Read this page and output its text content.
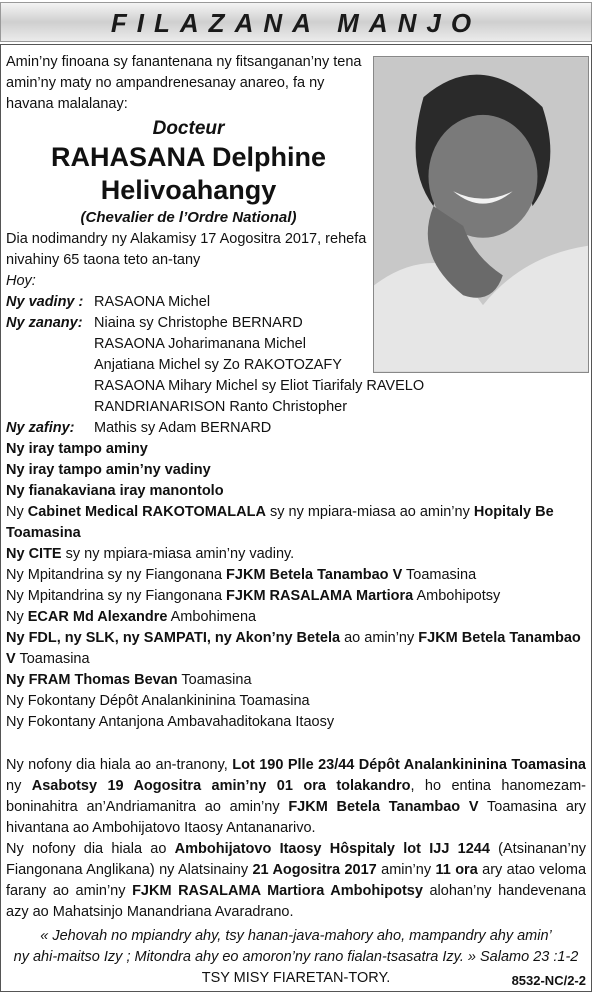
FILAZANA MANJO
Amin’ny finoana sy fanantenana ny fitsanganan’ny tena amin’ny maty no ampandrenesanay anareo, fa ny havana malalanay:
Docteur
RAHASANA Delphine
Helivoahangy
(Chevalier de l’Ordre National)
Dia nodimandry ny Alakamisy 17 Aogositra 2017, rehefa nivahiny 65 taona teto an-tany
Hoy:
Ny vadiny : RASAONA Michel
Ny zanany: Niaina sy Christophe BERNARD
RASAONA Joharimanana Michel
Anjatiana Michel sy Zo RAKOTOZAFY
RASAONA Mihary Michel sy Eliot Tiarifaly RAVELO
RANDRIANARISON Ranto Christopher
Ny zafiny:	Mathis sy Adam BERNARD

Ny iray tampo aminy

Ny iray tampo amin’ny vadiny

Ny fianakaviana iray manontolo

Ny Cabinet Medical RAKOTOMALALA sy ny mpiara-miasa ao amin’ny Hopitaly Be Toamasina

Ny CITE sy ny mpiara-miasa amin’ny vadiny.

Ny Mpitandrina sy ny Fiangonana FJKM Betela Tanambao V Toamasina

Ny Mpitandrina sy ny Fiangonana FJKM RASALAMA Martiora Ambohipotsy

Ny ECAR Md Alexandre Ambohimena

Ny FDL, ny SLK, ny SAMPATI, ny Akon’ny Betela ao amin’ny FJKM Betela Tanambao V Toamasina

Ny FRAM Thomas Bevan Toamasina

Ny Fokontany Dépôt Analankininina Toamasina

Ny Fokontany Antanjona Ambavahaditokana Itaosy

Ny nofony dia hiala ao an-tranony, Lot 190 Plle 23/44 Dépôt Analankininina Toamasina ny Asabotsy 19 Aogositra amin’ny 01 ora tolakandro, ho entina hanomezam-boninahitra an’Andriamanitra ao amin’ny FJKM Betela Tanambao V Toamasina ary hivantana ao Ambohijatovo Itaosy Antananarivo.

Ny nofony dia hiala ao Ambohijatovo Itaosy Hôspitaly lot IJJ 1244 (Atsinanan’ny Fiangonana Anglikana) ny Alatsinainy 21 Aogositra 2017 amin’ny 11 ora ary atao veloma farany ao amin’ny FJKM RASALAMA Martiora Ambohipotsy alohan’ny handevenana azy ao Mahatsinjo Manandriana Avaradrano.

« Jehovah no mpiandry ahy, tsy hanan-java-mahory aho, mampandry ahy amin’

ny ahi-maitso Izy ; Mitondra ahy eo amoron’ny rano fialan-tsasatra Izy. » Salamo 23 :1-2

TSY MISY FIARETAN-TORY.	8532-NC/2-2
